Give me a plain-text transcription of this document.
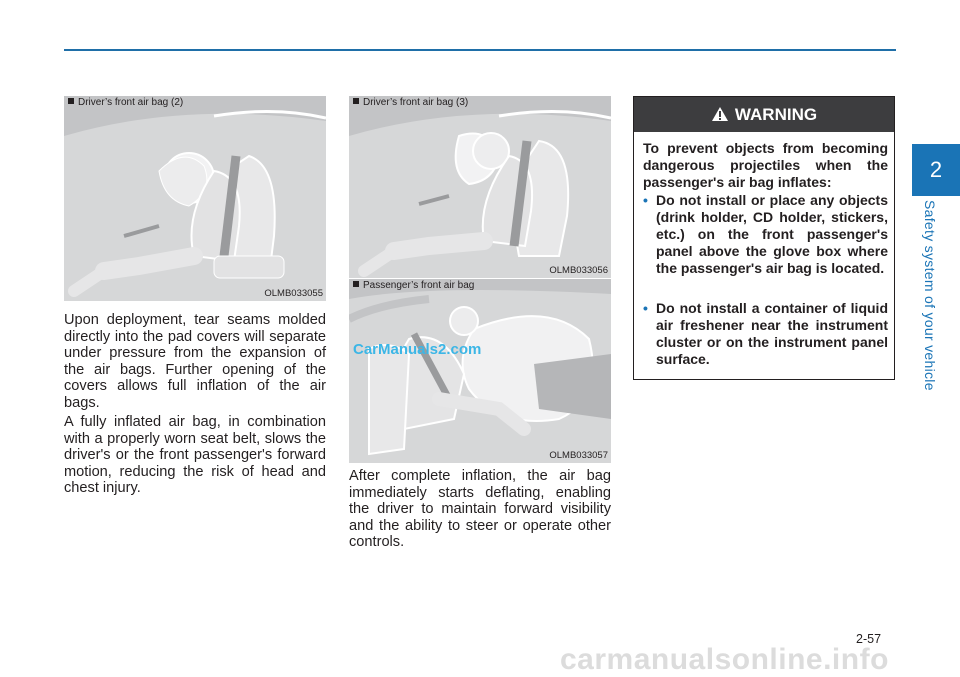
2
Safety system of your vehicle
Driver’s front air bag (2)
OLMB033055
Driver’s front air bag (3)
OLMB033056
Passenger’s front air bag
OLMB033057

Upon deployment, tear seams molded directly into the pad covers will separate under pressure from the expansion of the air bags. Further opening of the covers allows full inflation of the air bags.

A fully inflated air bag, in combination with a properly worn seat belt, slows the driver's or the front passenger's forward motion, reducing the risk of head and chest injury.

After complete inflation, the air bag immediately starts deflating, enabling the driver to maintain forward visibility and the ability to steer or operate other controls.

WARNING

To prevent objects from becoming dangerous projectiles when the passenger's air bag inflates:

• Do not install or place any objects (drink holder, CD holder, stickers, etc.) on the front passenger's panel above the glove box where the passenger's air bag is located.
• Do not install a container of liquid air freshener near the instrument cluster or on the instrument panel surface.
CarManuals2.com
2-57
carmanualsonline.info
